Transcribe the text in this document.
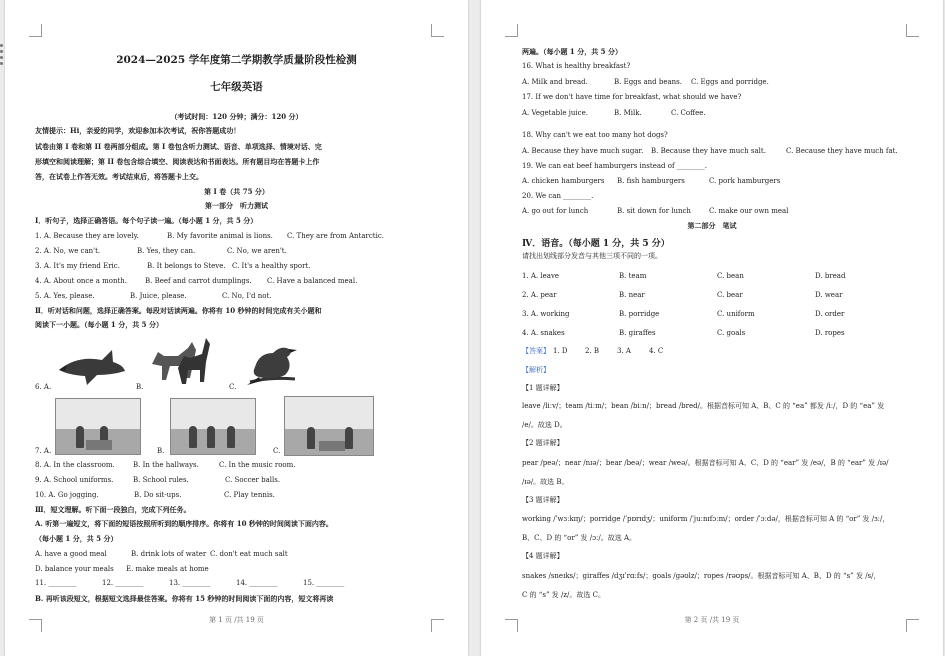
2024—2025 学年度第二学期教学质量阶段性检测
七年级英语
（考试时间：120 分钟；满分：120 分）
友情提示：Hi，亲爱的同学，欢迎参加本次考试，祝你答题成功！
试卷由第 I 卷和第 II 卷两部分组成。第 I 卷包含听力测试、语音、单项选择、情境对话、完
形填空和阅读理解；第 II 卷包含综合填空、阅读表达和书面表达。所有题目均在答题卡上作
答，在试卷上作答无效。考试结束后，将答题卡上交。
第 I 卷（共 75 分）
第一部分　听力测试
Ⅰ．听句子，选择正确答语。每个句子读一遍。（每小题 1 分，共 5 分）
1. A. Because they are lovely.	B. My favorite animal is lions. C. They are from Antarctic.
2. A. No, we can't.	B. Yes, they can.	C. No, we aren't.
3. A. It's my friend Eric.	B. It belongs to Steve. C. It's a healthy sport.
4. A. About once a month.	B. Beef and carrot dumplings. C. Have a balanced meal.
5. A. Yes, please.	B. Juice, please.	C. No, I'd not.
Ⅱ．听对话和问题，选择正确答案。每段对话读两遍。你将有 10 秒钟的时间完成有关小题和
阅读下一小题。（每小题 1 分，共 5 分）
6. A.	B.	C.
7. A.	B.	C.
8. A. In the classroom.	B. In the hallways.	C. In the music room.
9. A. School uniforms.	B. School rules.	C. Soccer balls.
10. A. Go jogging.	B. Do sit-ups.	C. Play tennis.
Ⅲ．短文理解。听下面一段独白，完成下列任务。
A. 听第一遍短文，将下面的短语按照所听到的顺序排序。你将有 10 秒钟的时间阅读下面内容。
（每小题 1 分，共 5 分）
A. have a good meal	B. drink lots of water C. don't eat much salt
D. balance your meals E. make meals at home
11. ________	12. ________	13. ________	14. ________	15. ________
B. 再听该段短文，根据短文选择最佳答案。你将有 15 秒钟的时间阅读下面的内容，短文将再读
第 1 页 /共 19 页
两遍。（每小题 1 分，共 5 分）
16. What is healthy breakfast?
A. Milk and bread.	B. Eggs and beans. C. Eggs and porridge.
17. If we don't have time for breakfast, what should we have?
A. Vegetable juice.	B. Milk.	C. Coffee.
18. Why can't we eat too many hot dogs?
A. Because they have much sugar. B. Because they have much salt.	C. Because they have much fat.
19. We can eat beef hamburgers instead of ________.
A. chicken hamburgers B. fish hamburgers	C. pork hamburgers
20. We can ________.
A. go out for lunch	B. sit down for lunch	C. make our own meal
第二部分　笔试
Ⅳ．语音。（每小题 1 分，共 5 分）
请找出划线部分发音与其他三项不同的一项。
1. A. leave	B. team	C. bean	D. bread
2. A. pear	B. near	C. bear	D. wear
3. A. working	B. porridge	C. uniform	D. order
4. A. snakes	B. giraffes	C. goals	D. ropes
【答案】 1. D 2. B	3. A	4. C
【解析】
【1 题详解】
leave /liːv/；team /tiːm/；bean /biːn/；bread /bred/。根据音标可知 A、B、C 的 “ea” 都发 /iː/，D 的 “ea” 发
/e/。故选 D。
【2 题详解】
pear /peə/；near /nɪə/；bear /beə/；wear /weə/。根据音标可知 A、C、D 的 “ear” 发 /eə/，B 的 “ear” 发 /ɪə/
/ɪə/。故选 B。
【3 题详解】
working /ˈwɜːkɪŋ/；porridge /ˈpɒrɪdʒ/；uniform /ˈjuːnɪfɔːm/；order /ˈɔːdə/，根据音标可知 A 的 “or” 发 /ɜː/，
B、C、D 的 “or” 发 /ɔː/。故选 A。
【4 题详解】
snakes /sneɪks/；giraffes /dʒɪˈrɑːfs/；goals /ɡəʊlz/；ropes /rəʊps/。根据音标可知 A、B、D 的 “s” 发 /s/，
C 的 “s” 发 /z/。故选 C。
第 2 页 /共 19 页
